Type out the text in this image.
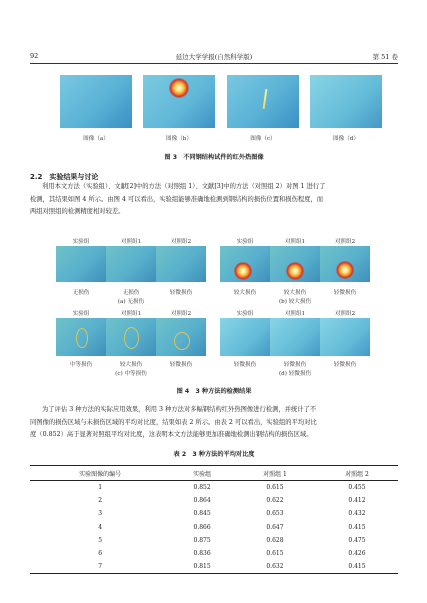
92	延边大学学报(自然科学版)	第 51 卷
图像（a）	图像（b）	图像（c）	图像（d）
图 3　 不同钢结构试件的红外热图像
2.2　实验结果与讨论
利用本文方法（实验组）、文献[2]中的方法（对照组 1）、文献[3]中的方法（对照组 2）对图 1 进行了
检测，其结果如图 4 所示。由图 4 可以看出，实验组能够准确地检测到钢结构的损伤位置和损伤程度，而
两组对照组的检测精度相对较差。
实验组	对照组1	对照组2
无损伤	无损伤	轻微损伤
(a) 无损伤
实验组	对照组1	对照组2
较大损伤	较大损伤	轻微损伤
(b) 较大损伤
实验组	对照组1	对照组2
中等损伤	较大损伤	轻微损伤
(c) 中等损伤
实验组	对照组1	对照组2
轻微损伤	轻微损伤	轻微损伤
(d) 轻微损伤
图 4　 3 种方法的检测结果
为了评估 3 种方法的实际应用效果，利用 3 种方法对多幅钢结构红外热图像进行检测，并统计了不
同图像的损伤区域与未损伤区域的平均对比度，结果如表 2 所示。由表 2 可以看出，实验组的平均对比
度（0.852）高于显著对照组平均对比度，这表明本文方法能够更加准确地检测出钢结构的损伤区域。
表 2　 3 种方法的平均对比度
实验图像的编号	实验组	对照组 1	对照组 2
1	0.852	0.615	0.455
2	0.864	0.622	0.412
3	0.845	0.653	0.432
4	0.866	0.647	0.415
5	0.875	0.628	0.475
6	0.836	0.615	0.426
7	0.815	0.632	0.415
